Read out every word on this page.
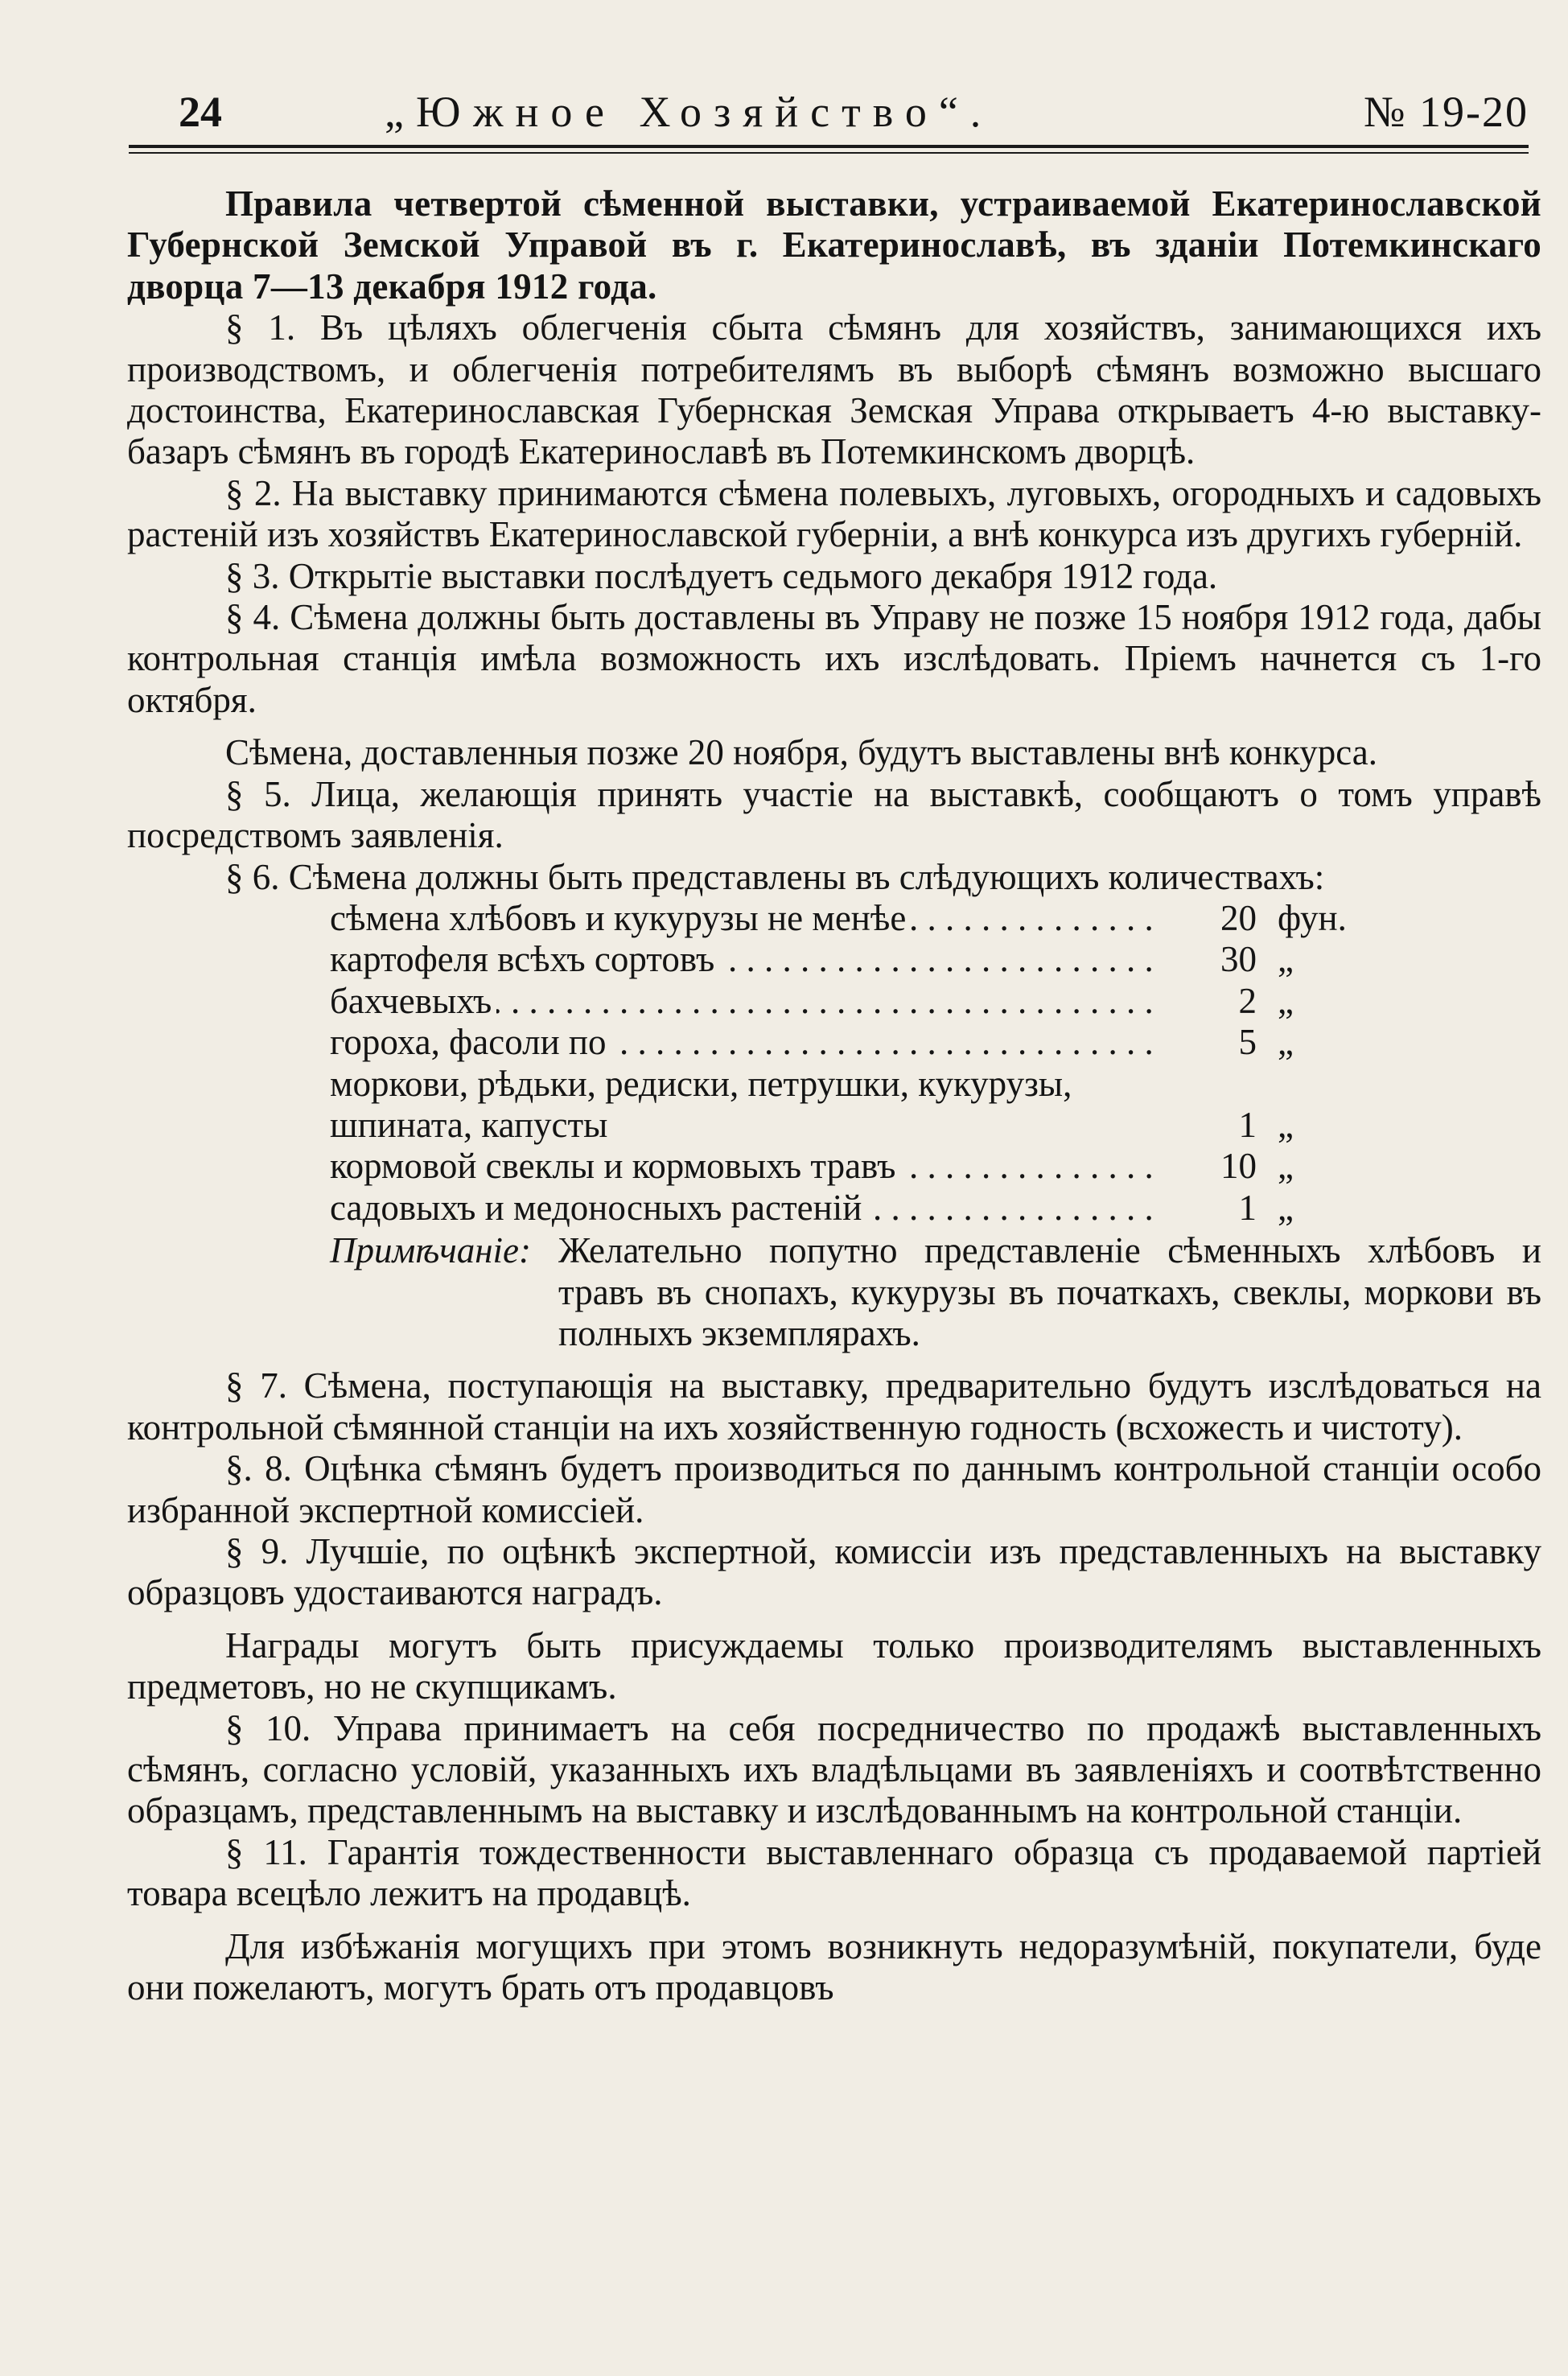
24	„Южное Хозяйство“.	№ 19-20

Правила четвертой сѣменной выставки, устраиваемой Екатеринославской Губернской Земской Управой въ г. Екатеринославѣ, въ зданіи Потемкинскаго дворца 7—13 декабря 1912 года.

§ 1. Въ цѣляхъ облегченія сбыта сѣмянъ для хозяйствъ, занимающихся ихъ производствомъ, и облегченія потребителямъ въ выборѣ сѣмянъ возможно высшаго достоинства, Екатеринославская Губернская Земская Управа открываетъ 4-ю выставку-базаръ сѣмянъ въ городѣ Екатеринославѣ въ Потемкинскомъ дворцѣ.

§ 2. На выставку принимаются сѣмена полевыхъ, луговыхъ, огородныхъ и садовыхъ растеній изъ хозяйствъ Екатеринославской губерніи, а внѣ конкурса изъ другихъ губерній.

§ 3. Открытіе выставки послѣдуетъ седьмого декабря 1912 года.

§ 4. Сѣмена должны быть доставлены въ Управу не позже 15 ноября 1912 года, дабы контрольная станція имѣла возможность ихъ изслѣдовать. Пріемъ начнется съ 1-го октября.

Сѣмена, доставленныя позже 20 ноября, будутъ выставлены внѣ конкурса.

§ 5. Лица, желающія принять участіе на выставкѣ, сообщаютъ о томъ управѣ посредствомъ заявленія.

§ 6. Сѣмена должны быть представлены въ слѣдующихъ количествахъ:

сѣмена хлѣбовъ и кукурузы не менѣе . . .	20	фун.
картофеля всѣхъ сортовъ . . .	30	„
бахчевыхъ . . .	2	„
гороха, фасоли по . . .	5	„
моркови, рѣдьки, редиски, петрушки, кукурузы, шпината, капусты	1	„
кормовой свеклы и кормовыхъ травъ . . .	10	„
садовыхъ и медоносныхъ растеній . . .	1	„
Примѣчаніе: Желательно попутно представленіе сѣменныхъ хлѣбовъ и травъ въ снопахъ, кукурузы въ початкахъ, свеклы, моркови въ полныхъ экземплярахъ.

§ 7. Сѣмена, поступающія на выставку, предварительно будутъ изслѣдоваться на контрольной сѣмянной станціи на ихъ хозяйственную годность (всхожесть и чистоту).

§. 8. Оцѣнка сѣмянъ будетъ производиться по даннымъ контрольной станціи особо избранной экспертной комиссіей.

§ 9. Лучшіе, по оцѣнкѣ экспертной, комиссіи изъ представленныхъ на выставку образцовъ удостаиваются наградъ.

Награды могутъ быть присуждаемы только производителямъ выставленныхъ предметовъ, но не скупщикамъ.

§ 10. Управа принимаетъ на себя посредничество по продажѣ выставленныхъ сѣмянъ, согласно условій, указанныхъ ихъ владѣльцами въ заявленіяхъ и соотвѣтственно образцамъ, представленнымъ на выставку и изслѣдованнымъ на контрольной станціи.

§ 11. Гарантія тождественности выставленнаго образца съ продаваемой партіей товара всецѣло лежитъ на продавцѣ.

Для избѣжанія могущихъ при этомъ возникнуть недоразумѣній, покупатели, буде они пожелаютъ, могутъ брать отъ продавцовъ
